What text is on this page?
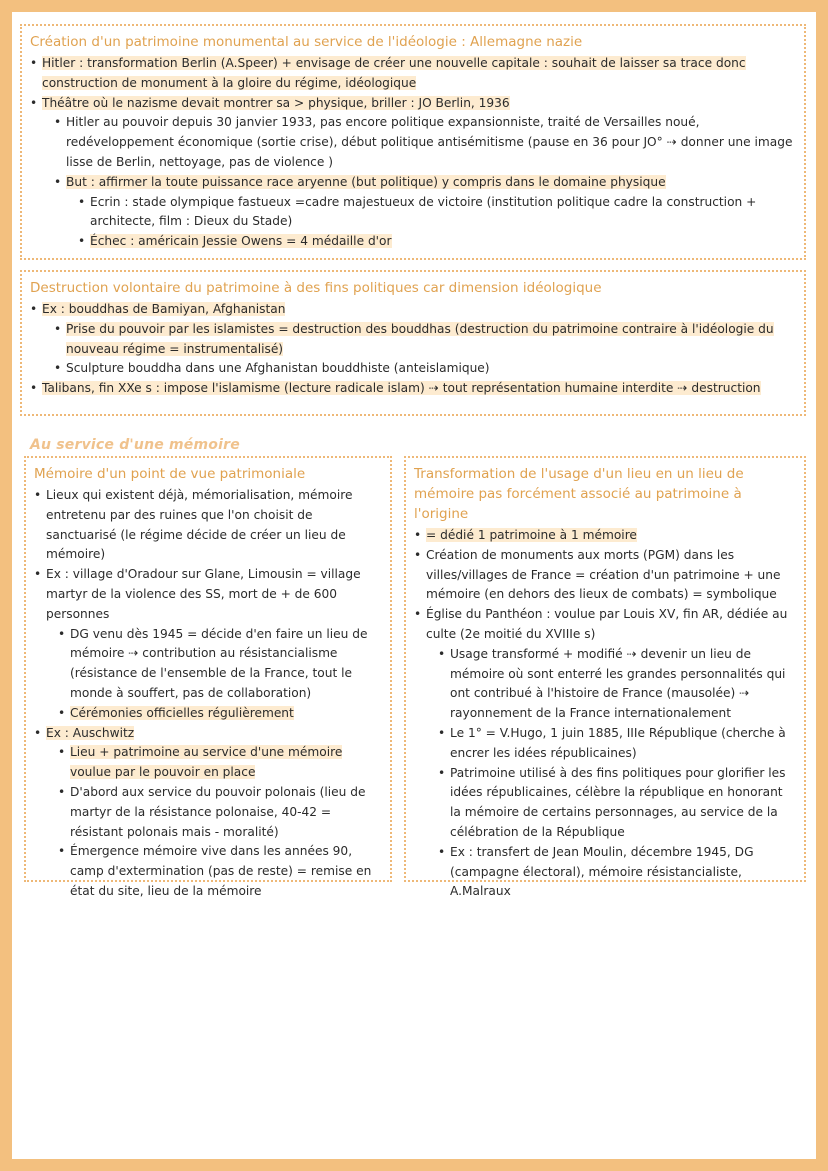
Création d'un patrimoine monumental au service de l'idéologie : Allemagne nazie
• Hitler : transformation Berlin (A.Speer) + envisage de créer une nouvelle capitale : souhait de laisser sa trace donc construction de monument à la gloire du régime, idéologique
• Théâtre où le nazisme devait montrer sa > physique, briller : JO Berlin, 1936
• Hitler au pouvoir depuis 30 janvier 1933, pas encore politique expansionniste, traité de Versailles noué, redéveloppement économique (sortie crise), début politique antisémitisme (pause en 36 pour JO° ⇢ donner une image lisse de Berlin, nettoyage, pas de violence )
• But : affirmer la toute puissance race aryenne (but politique) y compris dans le domaine physique
• Ecrin : stade olympique fastueux =cadre majestueux de victoire (institution politique cadre la construction + architecte, film : Dieux du Stade)
• Échec : américain Jessie Owens = 4 médaille d'or
Destruction volontaire du patrimoine à des fins politiques car dimension idéologique
• Ex : bouddhas de Bamiyan, Afghanistan
• Prise du pouvoir par les islamistes = destruction des bouddhas (destruction du patrimoine contraire à l'idéologie du nouveau régime = instrumentalisé)
• Sculpture bouddha dans une Afghanistan bouddhiste (anteislamique)
• Talibans, fin XXe s : impose l'islamisme (lecture radicale islam) ⇢ tout représentation humaine interdite ⇢ destruction
Au service d'une mémoire
Mémoire d'un point de vue patrimoniale
• Lieux qui existent déjà, mémorialisation, mémoire entretenu par des ruines que l'on choisit de sanctuarisé (le régime décide de créer un lieu de mémoire)
• Ex : village d'Oradour sur Glane, Limousin = village martyr de la violence des SS, mort de + de 600 personnes
• DG venu dès 1945 = décide d'en faire un lieu de mémoire ⇢ contribution au résistancialisme (résistance de l'ensemble de la France, tout le monde à souffert, pas de collaboration)
• Cérémonies officielles régulièrement
• Ex : Auschwitz
• Lieu + patrimoine au service d'une mémoire voulue par le pouvoir en place
• D'abord aux service du pouvoir polonais (lieu de martyr de la résistance polonaise, 40-42 = résistant polonais mais - moralité)
• Émergence mémoire vive dans les années 90, camp d'extermination (pas de reste) = remise en état du site, lieu de la mémoire
Transformation de l'usage d'un lieu en un lieu de mémoire pas forcément associé au patrimoine à l'origine
• = dédié 1 patrimoine à 1 mémoire
• Création de monuments aux morts (PGM) dans les villes/villages de France = création d'un patrimoine + une mémoire (en dehors des lieux de combats) = symbolique
• Église du Panthéon : voulue par Louis XV, fin AR, dédiée au culte (2e moitié du XVIIIe s)
• Usage transformé + modifié ⇢ devenir un lieu de mémoire où sont enterré les grandes personnalités qui ont contribué à l'histoire de France (mausolée) ⇢ rayonnement de la France internationalement
• Le 1° = V.Hugo, 1 juin 1885, IIIe République (cherche à encrer les idées républicaines)
• Patrimoine utilisé à des fins politiques pour glorifier les idées républicaines, célèbre la république en honorant la mémoire de certains personnages, au service de la célébration de la République
• Ex : transfert de Jean Moulin, décembre 1945, DG (campagne électoral), mémoire résistancialiste, A.Malraux
